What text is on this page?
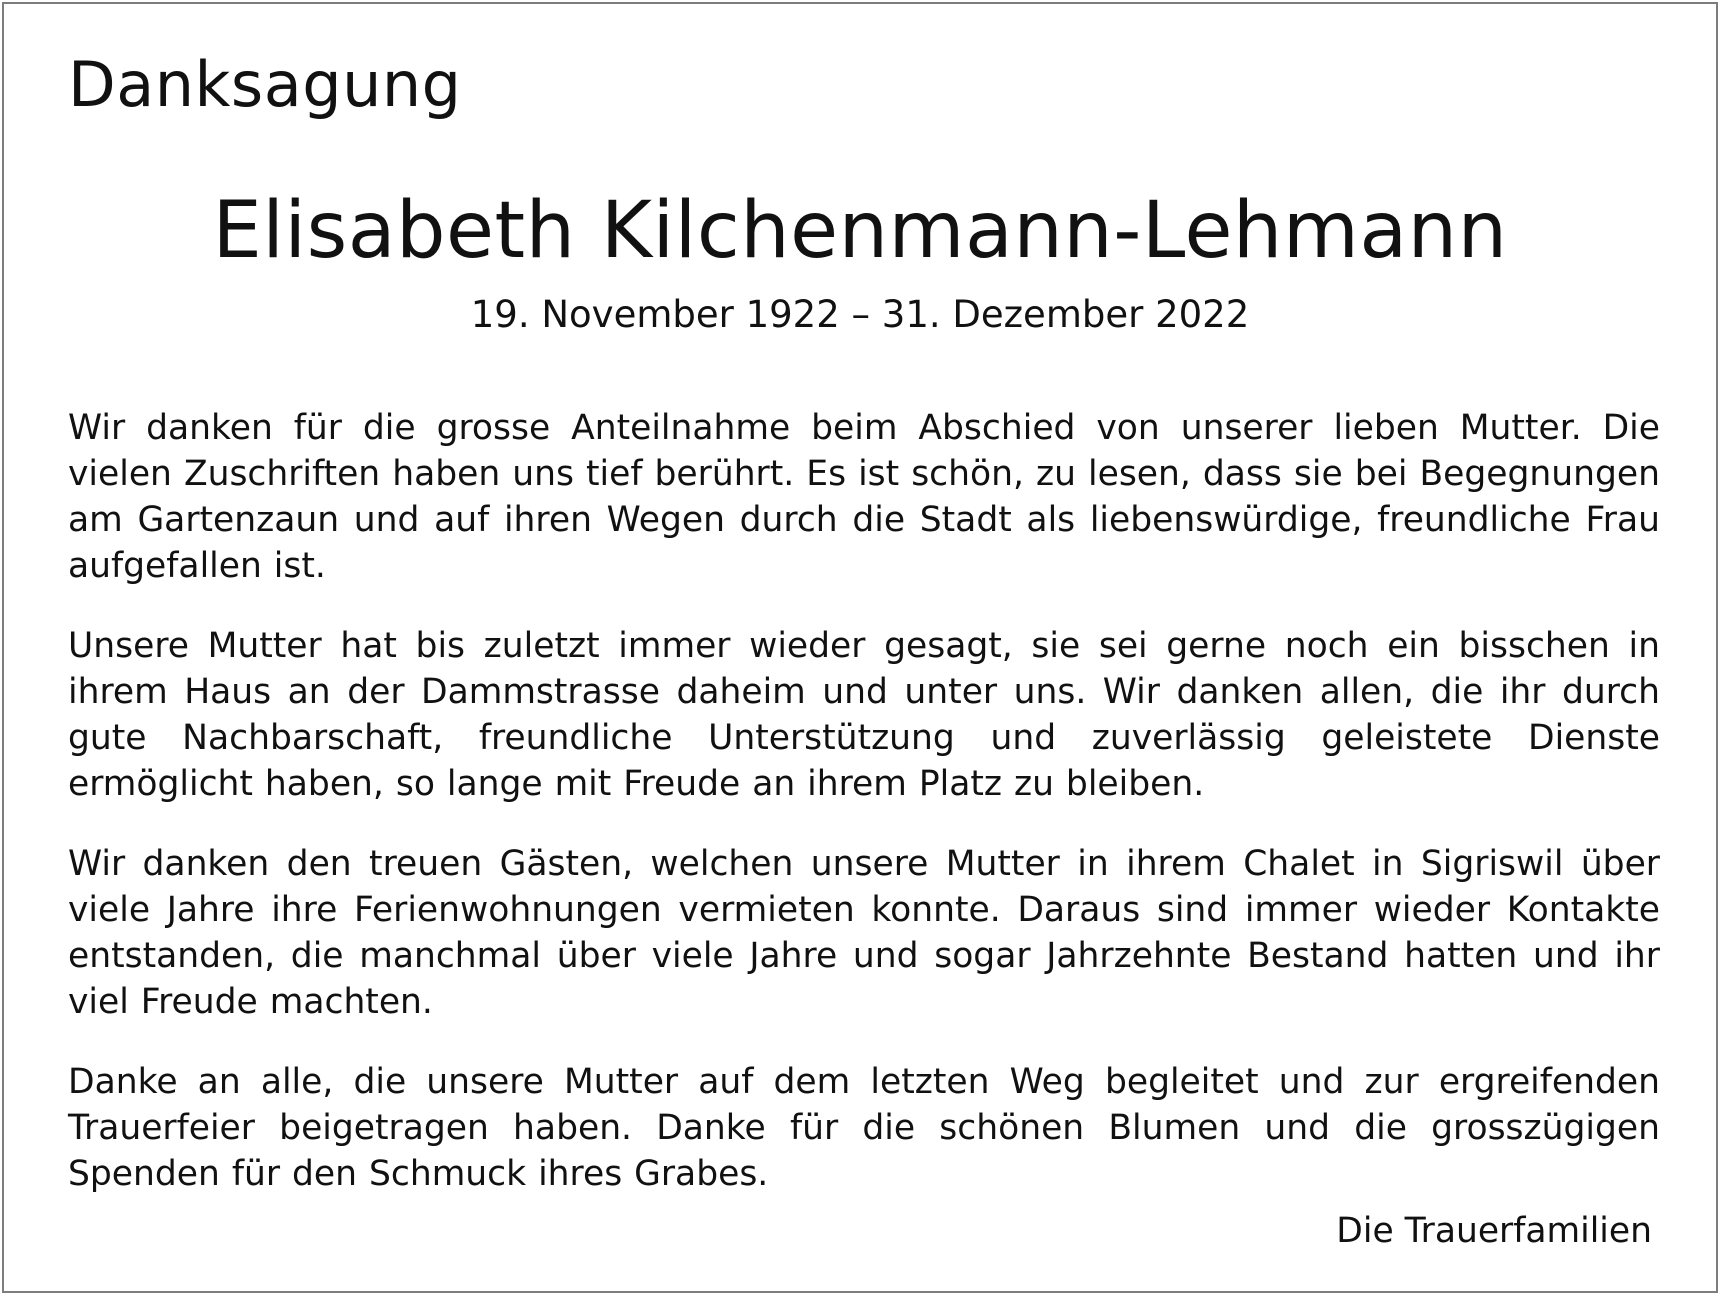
Danksagung
Elisabeth Kilchenmann-Lehmann

19. November 1922 – 31. Dezember 2022

Wir danken für die grosse Anteilnahme beim Abschied von unserer lieben Mutter. Die vielen Zuschriften haben uns tief berührt. Es ist schön, zu lesen, dass sie bei Begegnungen am Gartenzaun und auf ihren Wegen durch die Stadt als liebenswürdige, freundliche Frau aufgefallen ist.

Unsere Mutter hat bis zuletzt immer wieder gesagt, sie sei gerne noch ein bisschen in ihrem Haus an der Dammstrasse daheim und unter uns. Wir danken allen, die ihr durch gute Nachbarschaft, freundliche Unterstützung und zuverlässig geleistete Dienste ermöglicht haben, so lange mit Freude an ihrem Platz zu bleiben.

Wir danken den treuen Gästen, welchen unsere Mutter in ihrem Chalet in Sigriswil über viele Jahre ihre Ferienwohnungen vermieten konnte. Daraus sind immer wieder Kontakte entstanden, die manchmal über viele Jahre und sogar Jahrzehnte Bestand hatten und ihr viel Freude machten.

Danke an alle, die unsere Mutter auf dem letzten Weg begleitet und zur ergreifenden Trauerfeier beigetragen haben. Danke für die schönen Blumen und die grosszügigen Spenden für den Schmuck ihres Grabes.

Die Trauerfamilien
